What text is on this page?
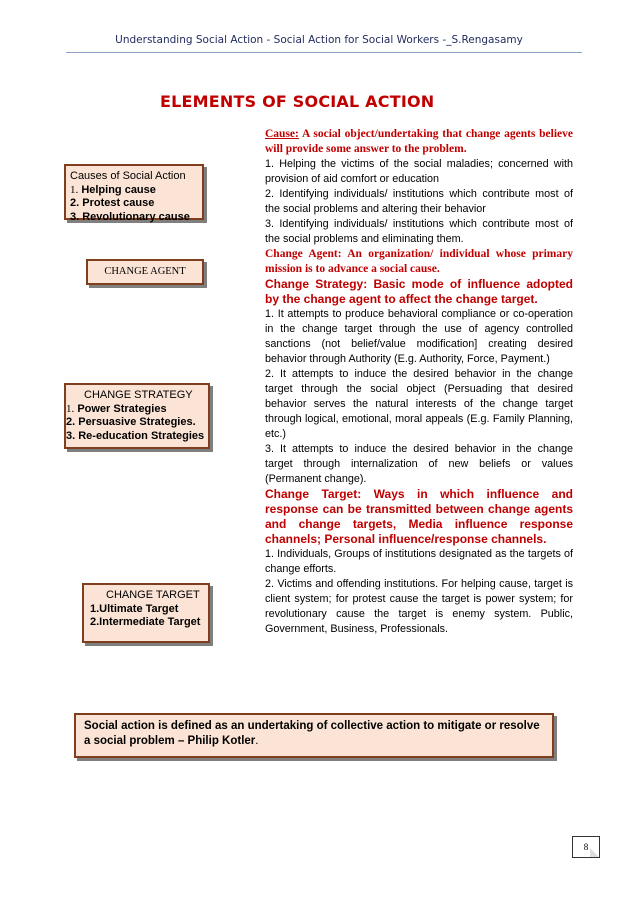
Understanding Social Action - Social Action for Social Workers -_S.Rengasamy
ELEMENTS OF SOCIAL ACTION
Causes of Social Action
1. Helping cause
2. Protest cause
3. Revolutionary cause
CHANGE AGENT
CHANGE STRATEGY
1. Power Strategies
2. Persuasive Strategies.
3. Re-education Strategies
CHANGE TARGET
1.Ultimate Target
2.Intermediate Target

Cause: A social object/undertaking that change agents believe will provide some answer to the problem.

1. Helping the victims of the social maladies; concerned with provision of aid comfort or education

2. Identifying individuals/ institutions which contribute most of the social problems and altering their behavior

3. Identifying individuals/ institutions which contribute most of the social problems and eliminating them.

Change Agent: An organization/ individual whose primary mission is to advance a social cause.

Change Strategy: Basic mode of influence adopted by the change agent to affect the change target.

1. It attempts to produce behavioral compliance or co-operation in the change target through the use of agency controlled sanctions (not belief/value modification] creating desired behavior through Authority (E.g. Authority, Force, Payment.)

2. It attempts to induce the desired behavior in the change target through the social object (Persuading that desired behavior serves the natural interests of the change target through logical, emotional, moral appeals (E.g. Family Planning, etc.)

3. It attempts to induce the desired behavior in the change target through internalization of new beliefs or values (Permanent change).

Change Target: Ways in which influence and response can be transmitted between change agents and change targets, Media influence response channels; Personal influence/response channels.

1. Individuals, Groups of institutions designated as the targets of change efforts.

2. Victims and offending institutions. For helping cause, target is client system; for protest cause the target is power system; for revolutionary cause the target is enemy system. Public, Government, Business, Professionals.

Social action is defined as an undertaking of collective action to mitigate or resolve a social problem – Philip Kotler.
8
